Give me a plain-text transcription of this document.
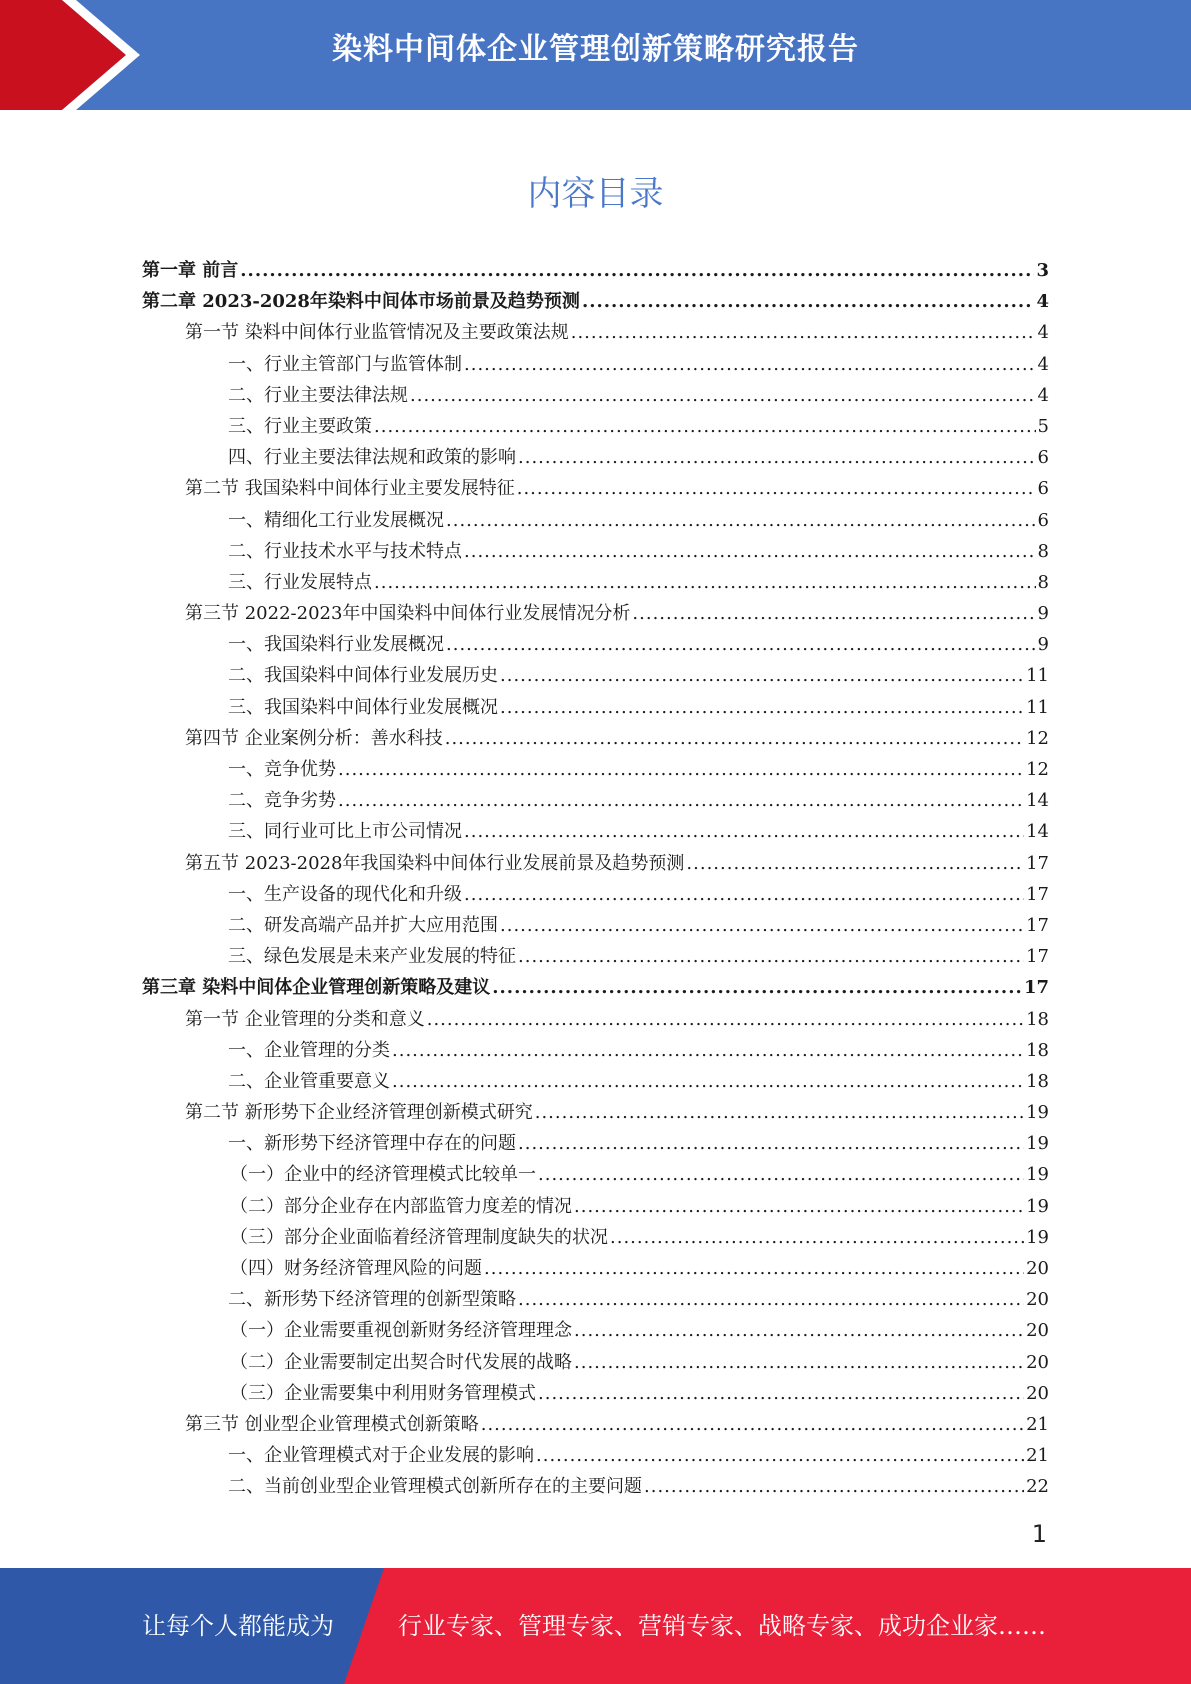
染料中间体企业管理创新策略研究报告
内容目录
第一章 前言 .....	3
第二章 2023-2028年染料中间体市场前景及趋势预测 .....	4
第一节 染料中间体行业监管情况及主要政策法规 .....	4
一、行业主管部门与监管体制 .....	4
二、行业主要法律法规 .....	4
三、行业主要政策 .....	5
四、行业主要法律法规和政策的影响 .....	6
第二节 我国染料中间体行业主要发展特征 .....	6
一、精细化工行业发展概况 .....	6
二、行业技术水平与技术特点 .....	8
三、行业发展特点 .....	8
第三节 2022-2023年中国染料中间体行业发展情况分析 .....	9
一、我国染料行业发展概况 .....	9
二、我国染料中间体行业发展历史 .....	11
三、我国染料中间体行业发展概况 .....	11
第四节 企业案例分析：善水科技 .....	12
一、竞争优势 .....	12
二、竞争劣势 .....	14
三、同行业可比上市公司情况 .....	14
第五节 2023-2028年我国染料中间体行业发展前景及趋势预测 .....	17
一、生产设备的现代化和升级 .....	17
二、研发高端产品并扩大应用范围 .....	17
三、绿色发展是未来产业发展的特征 .....	17
第三章 染料中间体企业管理创新策略及建议 .....	17
第一节 企业管理的分类和意义 .....	18
一、企业管理的分类 .....	18
二、企业管重要意义 .....	18
第二节 新形势下企业经济管理创新模式研究 .....	19
一、新形势下经济管理中存在的问题 .....	19
（一）企业中的经济管理模式比较单一 .....	19
（二）部分企业存在内部监管力度差的情况 .....	19
（三）部分企业面临着经济管理制度缺失的状况 .....	19
（四）财务经济管理风险的问题 .....	20
二、新形势下经济管理的创新型策略 .....	20
（一）企业需要重视创新财务经济管理理念 .....	20
（二）企业需要制定出契合时代发展的战略 .....	20
（三）企业需要集中利用财务管理模式 .....	20
第三节 创业型企业管理模式创新策略 .....	21
一、企业管理模式对于企业发展的影响 .....	21
二、当前创业型企业管理模式创新所存在的主要问题 .....	22
1
让每个人都能成为	行业专家、管理专家、营销专家、战略专家、成功企业家……
